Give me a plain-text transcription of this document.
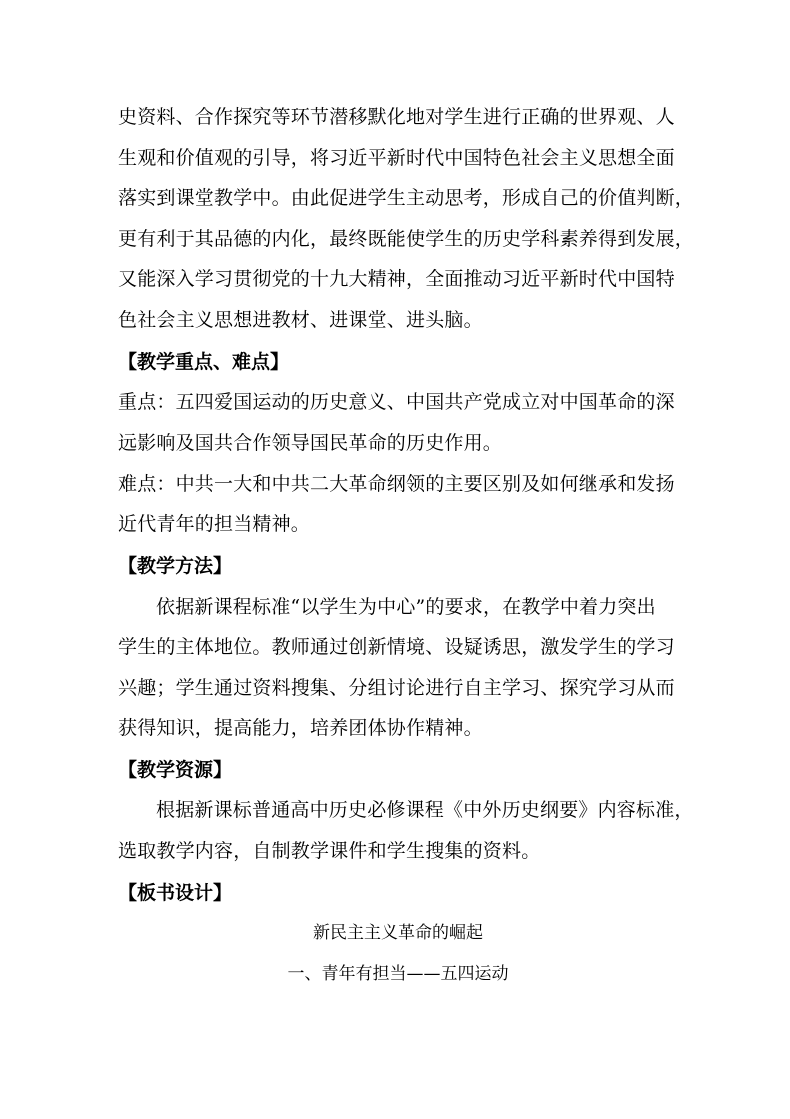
史资料、合作探究等环节潜移默化地对学生进行正确的世界观、人
生观和价值观的引导，将习近平新时代中国特色社会主义思想全面
落实到课堂教学中。由此促进学生主动思考，形成自己的价值判断，
更有利于其品德的内化，最终既能使学生的历史学科素养得到发展，
又能深入学习贯彻党的十九大精神，全面推动习近平新时代中国特
色社会主义思想进教材、进课堂、进头脑。
【教学重点、难点】
重点：五四爱国运动的历史意义、中国共产党成立对中国革命的深
远影响及国共合作领导国民革命的历史作用。
难点：中共一大和中共二大革命纲领的主要区别及如何继承和发扬
近代青年的担当精神。
【教学方法】
依据新课程标准“以学生为中心”的要求，在教学中着力突出
学生的主体地位。教师通过创新情境、设疑诱思，激发学生的学习
兴趣；学生通过资料搜集、分组讨论进行自主学习、探究学习从而
获得知识，提高能力，培养团体协作精神。
【教学资源】
根据新课标普通高中历史必修课程《中外历史纲要》内容标准，
选取教学内容，自制教学课件和学生搜集的资料。
【板书设计】
新民主主义革命的崛起
一、青年有担当——五四运动
